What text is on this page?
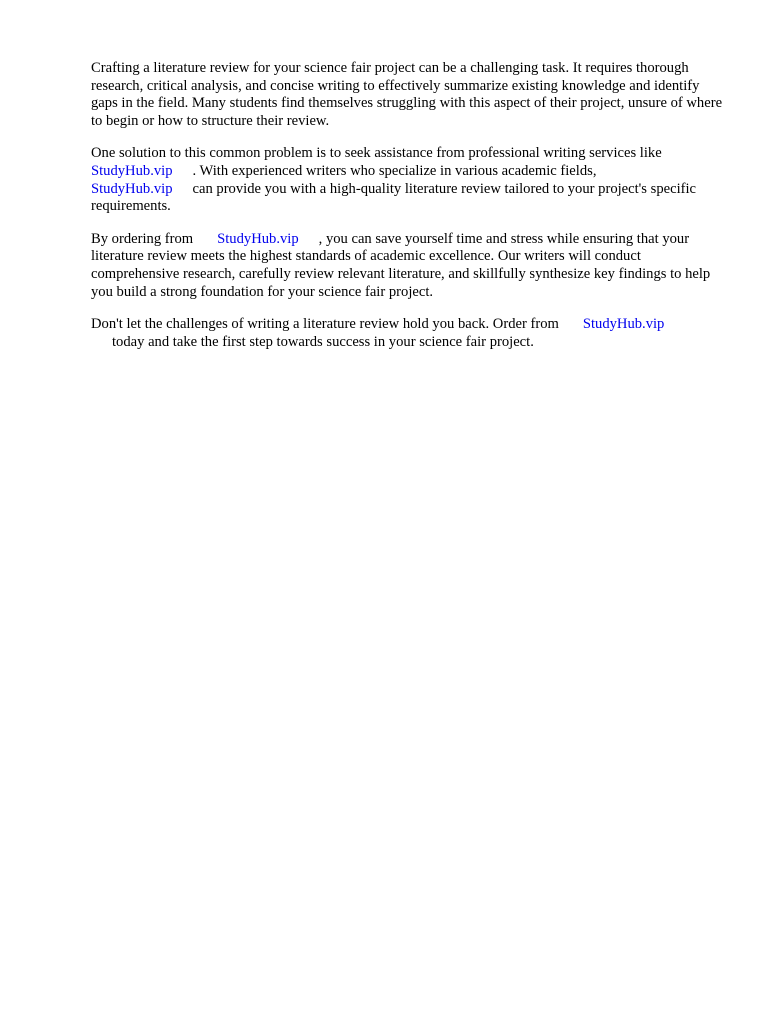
Crafting a literature review for your science fair project can be a challenging task. It requires thorough research, critical analysis, and concise writing to effectively summarize existing knowledge and identify gaps in the field. Many students find themselves struggling with this aspect of their project, unsure of where to begin or how to structure their review.

One solution to this common problem is to seek assistance from professional writing services like
StudyHub.vip . With experienced writers who specialize in various academic fields,
StudyHub.vip can provide you with a high-quality literature review tailored to your project's specific requirements.

By ordering from StudyHub.vip , you can save yourself time and stress while ensuring that your literature review meets the highest standards of academic excellence. Our writers will conduct comprehensive research, carefully review relevant literature, and skillfully synthesize key findings to help you build a strong foundation for your science fair project.

Don't let the challenges of writing a literature review hold you back. Order from StudyHub.vip
today and take the first step towards success in your science fair project.
